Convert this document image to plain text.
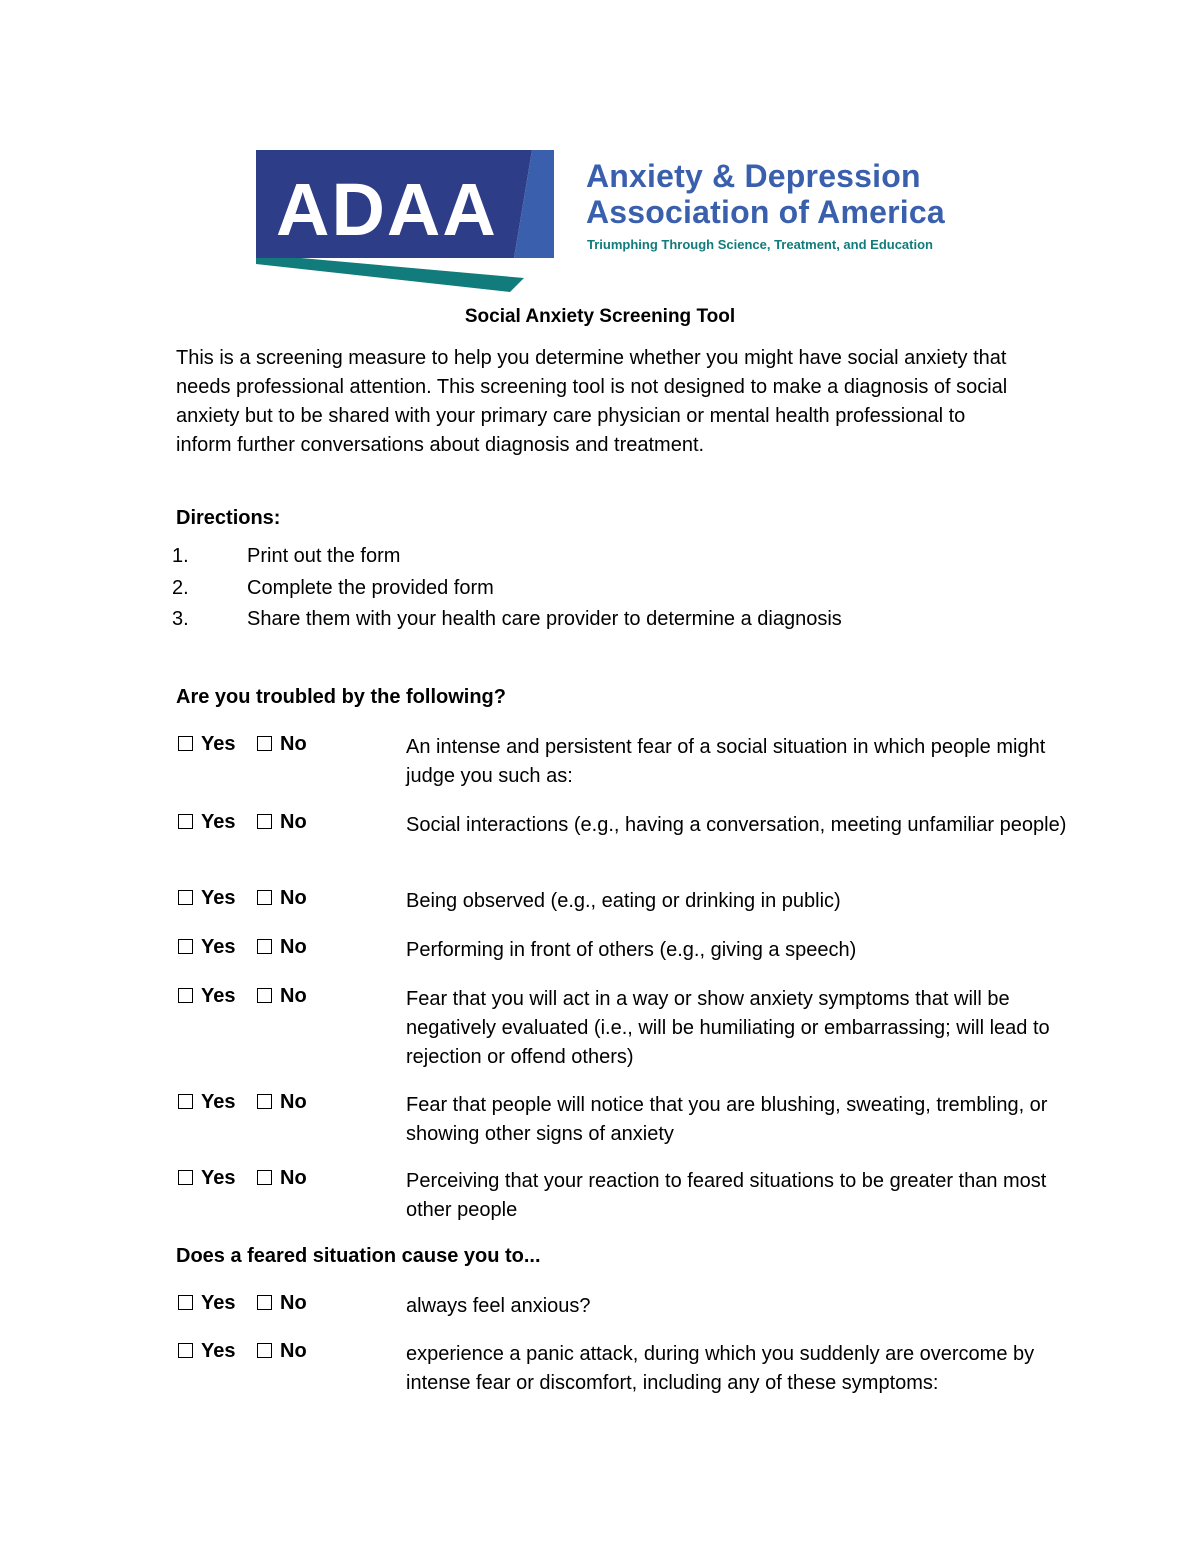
ADAA	Anxiety & Depression
Association of America
Triumphing Through Science, Treatment, and Education
Social Anxiety Screening Tool
This is a screening measure to help you determine whether you might have social anxiety that needs professional attention. This screening tool is not designed to make a diagnosis of social anxiety but to be shared with your primary care physician or mental health professional to inform further conversations about diagnosis and treatment.
Directions:
1.	Print out the form
2.	Complete the provided form
3.	Share them with your health care provider to determine a diagnosis
Are you troubled by the following?
Yes No	An intense and persistent fear of a social situation in which people might judge you such as:
Yes No	Social interactions (e.g., having a conversation, meeting unfamiliar people)
Yes No	Being observed (e.g., eating or drinking in public)
Yes No	Performing in front of others (e.g., giving a speech)
Yes No	Fear that you will act in a way or show anxiety symptoms that will be negatively evaluated (i.e., will be humiliating or embarrassing; will lead to rejection or offend others)
Yes No	Fear that people will notice that you are blushing, sweating, trembling, or showing other signs of anxiety
Yes No	Perceiving that your reaction to feared situations to be greater than most other people
Does a feared situation cause you to...
Yes No	always feel anxious?
Yes No	experience a panic attack, during which you suddenly are overcome by intense fear or discomfort, including any of these symptoms:
